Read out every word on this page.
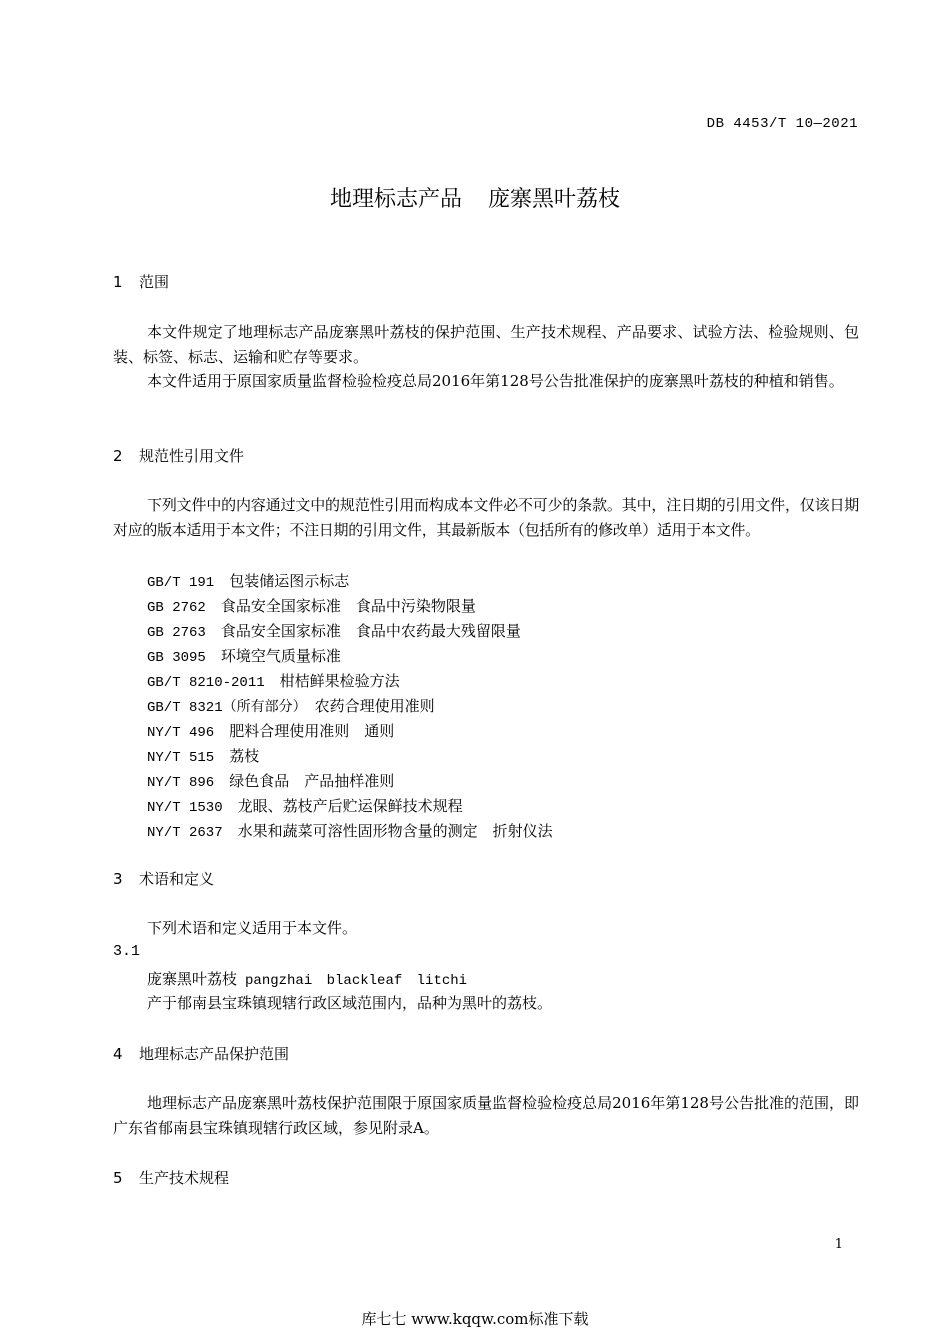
DB 4453/T 10—2021
地理标志产品 庞寨黑叶荔枝
1 范围
本文件规定了地理标志产品庞寨黑叶荔枝的保护范围、生产技术规程、产品要求、试验方法、检验规则、包装、标签、标志、运输和贮存等要求。
本文件适用于原国家质量监督检验检疫总局2016年第128号公告批准保护的庞寨黑叶荔枝的种植和销售。
2 规范性引用文件
下列文件中的内容通过文中的规范性引用而构成本文件必不可少的条款。其中，注日期的引用文件，仅该日期对应的版本适用于本文件；不注日期的引用文件，其最新版本（包括所有的修改单）适用于本文件。
GB/T 191　 包装储运图示标志
GB 2762　 食品安全国家标准　食品中污染物限量
GB 2763　 食品安全国家标准　食品中农药最大残留限量
GB 3095　 环境空气质量标准
GB/T 8210-2011　 柑桔鲜果检验方法
GB/T 8321（所有部分）　 农药合理使用准则
NY/T 496　 肥料合理使用准则　通则
NY/T 515　 荔枝
NY/T 896　 绿色食品　产品抽样准则
NY/T 1530　 龙眼、荔枝产后贮运保鲜技术规程
NY/T 2637　 水果和蔬菜可溶性固形物含量的测定　折射仪法
3 术语和定义
下列术语和定义适用于本文件。
3.1
庞寨黑叶荔枝 pangzhai blackleaf litchi
产于郁南县宝珠镇现辖行政区域范围内，品种为黑叶的荔枝。
4 地理标志产品保护范围
地理标志产品庞寨黑叶荔枝保护范围限于原国家质量监督检验检疫总局2016年第128号公告批准的范围，即广东省郁南县宝珠镇现辖行政区域，参见附录A。
5 生产技术规程
1
库七七 www.kqqw.com标准下载
